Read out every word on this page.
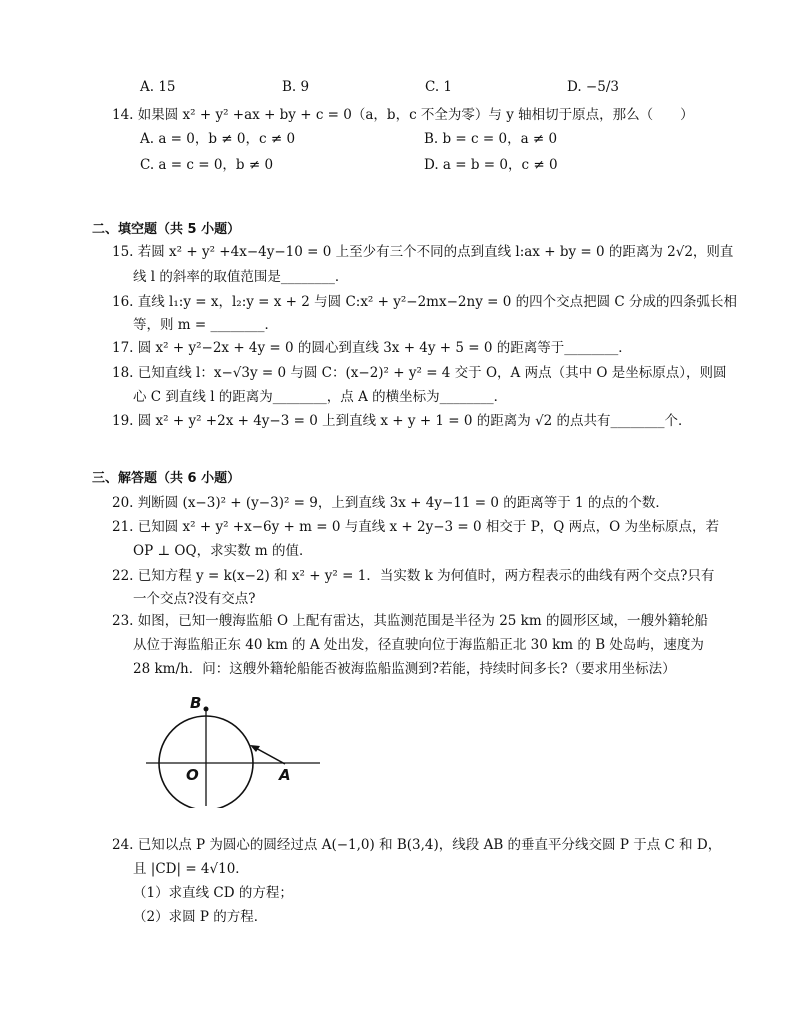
A. 15	B. 9	C. 1	D. −5/3
14. 如果圆 x² + y² +ax + by + c = 0（a，b，c 不全为零）与 y 轴相切于原点，那么（　　）
A. a = 0，b ≠ 0，c ≠ 0	B. b = c = 0，a ≠ 0
C. a = c = 0，b ≠ 0	D. a = b = 0，c ≠ 0
二、填空题（共 5 小题）
15. 若圆 x² + y² +4x−4y−10 = 0 上至少有三个不同的点到直线 l:ax + by = 0 的距离为 2√2，则直
线 l 的斜率的取值范围是________．
16. 直线 l₁:y = x，l₂:y = x + 2 与圆 C:x² + y²−2mx−2ny = 0 的四个交点把圆 C 分成的四条弧长相
等，则 m = ________．
17. 圆 x² + y²−2x + 4y = 0 的圆心到直线 3x + 4y + 5 = 0 的距离等于________．
18. 已知直线 l：x−√3y = 0 与圆 C：(x−2)² + y² = 4 交于 O，A 两点（其中 O 是坐标原点），则圆
心 C 到直线 l 的距离为________，点 A 的横坐标为________．
19. 圆 x² + y² +2x + 4y−3 = 0 上到直线 x + y + 1 = 0 的距离为 √2 的点共有________个．
三、解答题（共 6 小题）
20. 判断圆 (x−3)² + (y−3)² = 9，上到直线 3x + 4y−11 = 0 的距离等于 1 的点的个数．
21. 已知圆 x² + y² +x−6y + m = 0 与直线 x + 2y−3 = 0 相交于 P，Q 两点，O 为坐标原点，若
OP ⊥ OQ，求实数 m 的值．
22. 已知方程 y = k(x−2) 和 x² + y² = 1．当实数 k 为何值时，两方程表示的曲线有两个交点?只有
一个交点?没有交点?
23. 如图，已知一艘海监船 O 上配有雷达，其监测范围是半径为 25 km 的圆形区域，一艘外籍轮船
从位于海监船正东 40 km 的 A 处出发，径直驶向位于海监船正北 30 km 的 B 处岛屿，速度为
28 km/h．问：这艘外籍轮船能否被海监船监测到?若能，持续时间多长?（要求用坐标法）
B
O	A
24. 已知以点 P 为圆心的圆经过点 A(−1,0) 和 B(3,4)，线段 AB 的垂直平分线交圆 P 于点 C 和 D，
且 |CD| = 4√10．
（1）求直线 CD 的方程；
（2）求圆 P 的方程．
